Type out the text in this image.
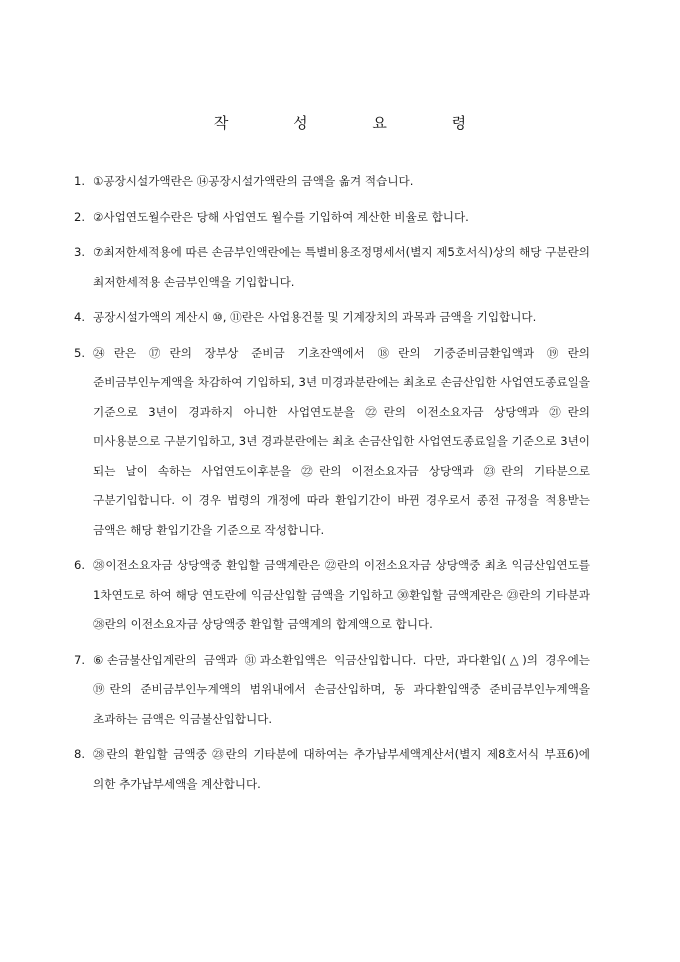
작 성 요 령
1. ①공장시설가액란은 ⑭공장시설가액란의 금액을 옮겨 적습니다.
2. ②사업연도월수란은 당해 사업연도 월수를 기입하여 계산한 비율로 합니다.
3. ⑦최저한세적용에 따른 손금부인액란에는 특별비용조정명세서(별지 제5호서식)상의 해당 구분란의 최저한세적용 손금부인액을 기입합니다.
4. 공장시설가액의 계산시 ⑩, ⑪란은 사업용건물 및 기계장치의 과목과 금액을 기입합니다.
5. ㉔란은 ⑰란의 장부상 준비금 기초잔액에서 ⑱란의 기중준비금환입액과 ⑲란의 준비금부인누계액을 차감하여 기입하되, 3년 미경과분란에는 최초로 손금산입한 사업연도종료일을 기준으로 3년이 경과하지 아니한 사업연도분을 ㉒란의 이전소요자금 상당액과 ㉑란의 미사용분으로 구분기입하고, 3년 경과분란에는 최초 손금산입한 사업연도종료일을 기준으로 3년이 되는 날이 속하는 사업연도이후분을 ㉒란의 이전소요자금 상당액과 ㉓란의 기타분으로 구분기입합니다. 이 경우 법령의 개정에 따라 환입기간이 바뀐 경우로서 종전 규정을 적용받는 금액은 해당 환입기간을 기준으로 작성합니다.
6. ㉘이전소요자금 상당액중 환입할 금액계란은 ㉒란의 이전소요자금 상당액중 최초 익금산입연도를 1차연도로 하여 해당 연도란에 익금산입할 금액을 기입하고 ㉚환입할 금액계란은 ㉓란의 기타분과 ㉘란의 이전소요자금 상당액중 환입할 금액계의 합계액으로 합니다.
7. ⑥손금불산입계란의 금액과 ㉛과소환입액은 익금산입합니다. 다만, 과다환입(△)의 경우에는 ⑲란의 준비금부인누계액의 범위내에서 손금산입하며, 동 과다환입액중 준비금부인누계액을 초과하는 금액은 익금불산입합니다.
8. ㉘란의 환입할 금액중 ㉓란의 기타분에 대하여는 추가납부세액계산서(별지 제8호서식 부표6)에 의한 추가납부세액을 계산합니다.
